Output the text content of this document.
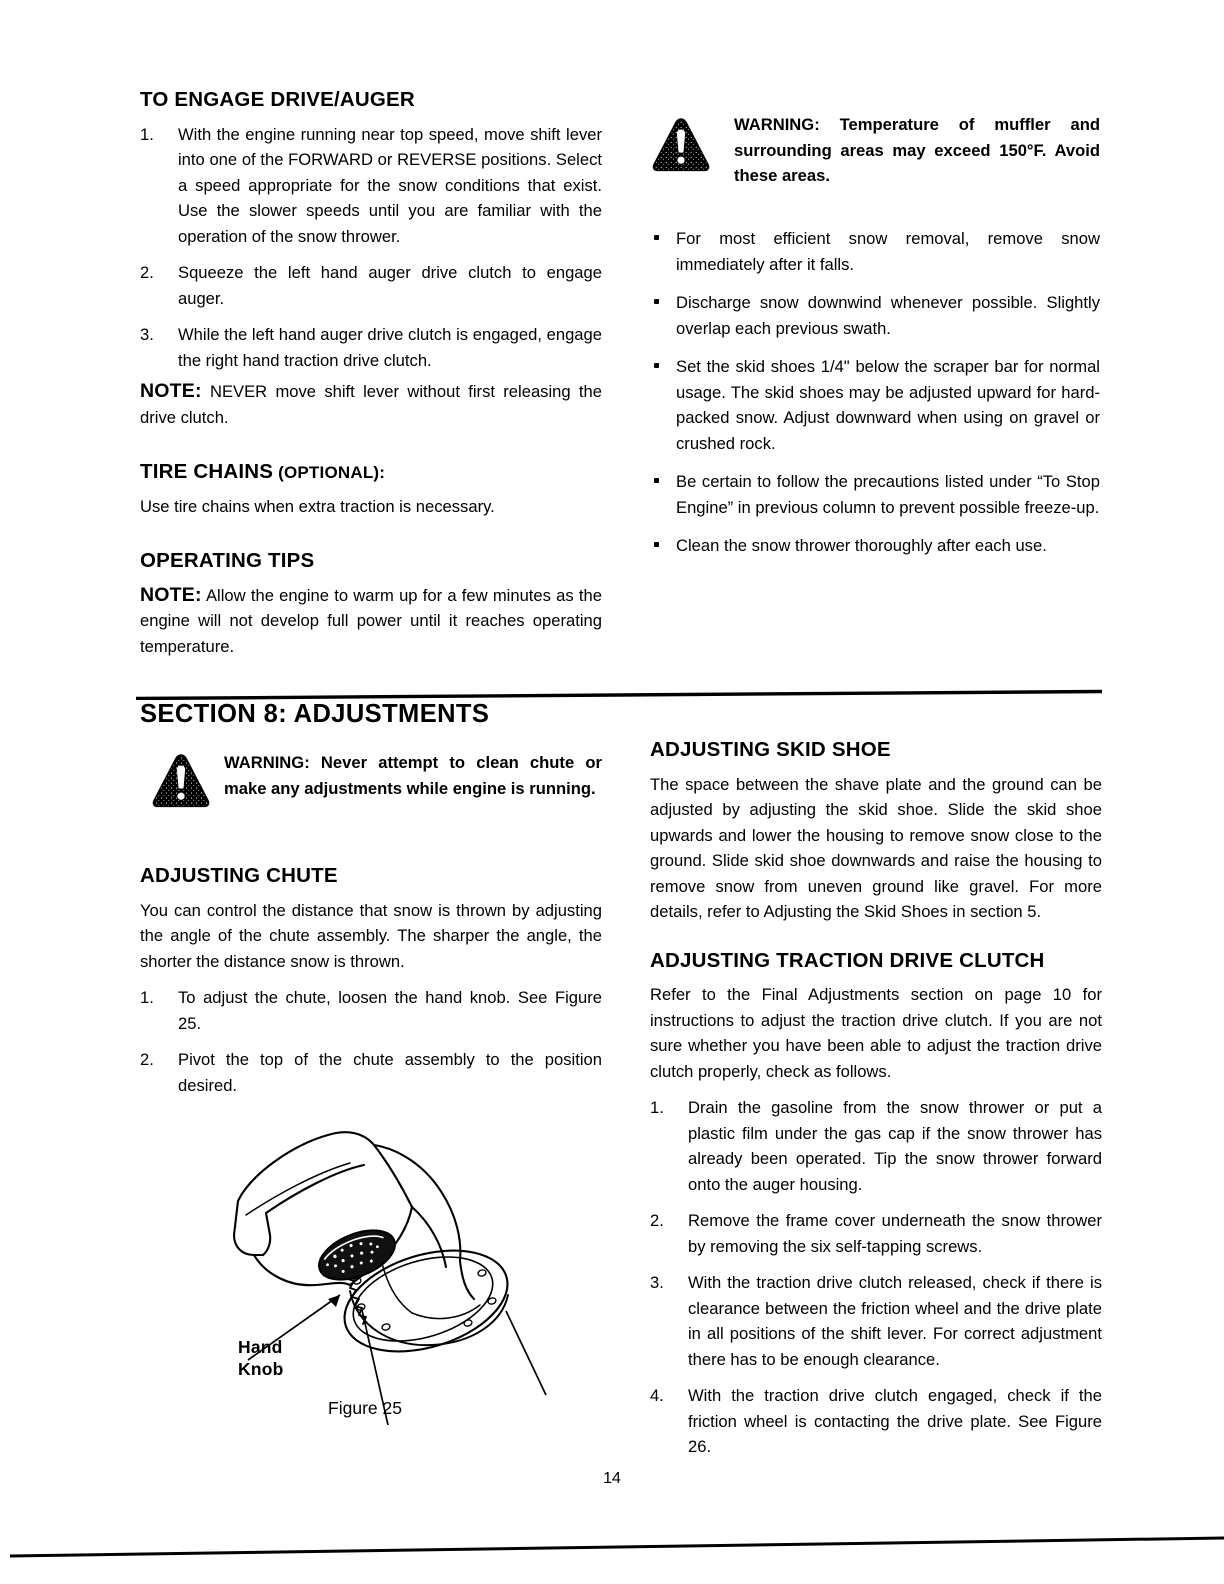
TO ENGAGE DRIVE/AUGER
1.	With the engine running near top speed, move shift lever into one of the FORWARD or REVERSE positions. Select a speed appropriate for the snow conditions that exist. Use the slower speeds until you are familiar with the operation of the snow thrower.
2.	Squeeze the left hand auger drive clutch to engage auger.
3.	While the left hand auger drive clutch is engaged, engage the right hand traction drive clutch.

NOTE: NEVER move shift lever without first releasing the drive clutch.

TIRE CHAINS (OPTIONAL):

Use tire chains when extra traction is necessary.

OPERATING TIPS

NOTE: Allow the engine to warm up for a few minutes as the engine will not develop full power until it reaches operating temperature.

WARNING: Temperature of muffler and surrounding areas may exceed 150°F. Avoid these areas.
For most efficient snow removal, remove snow immediately after it falls.
Discharge snow downwind whenever possible. Slightly overlap each previous swath.
Set the skid shoes 1/4" below the scraper bar for normal usage. The skid shoes may be adjusted upward for hard-packed snow. Adjust downward when using on gravel or crushed rock.
Be certain to follow the precautions listed under “To Stop Engine” in previous column to prevent possible freeze-up.
Clean the snow thrower thoroughly after each use.
SECTION 8: ADJUSTMENTS
WARNING: Never attempt to clean chute or make any adjustments while engine is running.
ADJUSTING CHUTE

You can control the distance that snow is thrown by adjusting the angle of the chute assembly. The sharper the angle, the shorter the distance snow is thrown.

1.	To adjust the chute, loosen the hand knob. See Figure 25.
2.	Pivot the top of the chute assembly to the position desired.
Hand
Knob
Figure 25
ADJUSTING SKID SHOE

The space between the shave plate and the ground can be adjusted by adjusting the skid shoe. Slide the skid shoe upwards and lower the housing to remove snow close to the ground. Slide skid shoe downwards and raise the housing to remove snow from uneven ground like gravel. For more details, refer to Adjusting the Skid Shoes in section 5.

ADJUSTING TRACTION DRIVE CLUTCH

Refer to the Final Adjustments section on page 10 for instructions to adjust the traction drive clutch. If you are not sure whether you have been able to adjust the traction drive clutch properly, check as follows.

1.	Drain the gasoline from the snow thrower or put a plastic film under the gas cap if the snow thrower has already been operated. Tip the snow thrower forward onto the auger housing.
2.	Remove the frame cover underneath the snow thrower by removing the six self-tapping screws.
3.	With the traction drive clutch released, check if there is clearance between the friction wheel and the drive plate in all positions of the shift lever. For correct adjustment there has to be enough clearance.
4.	With the traction drive clutch engaged, check if the friction wheel is contacting the drive plate. See Figure 26.
14
